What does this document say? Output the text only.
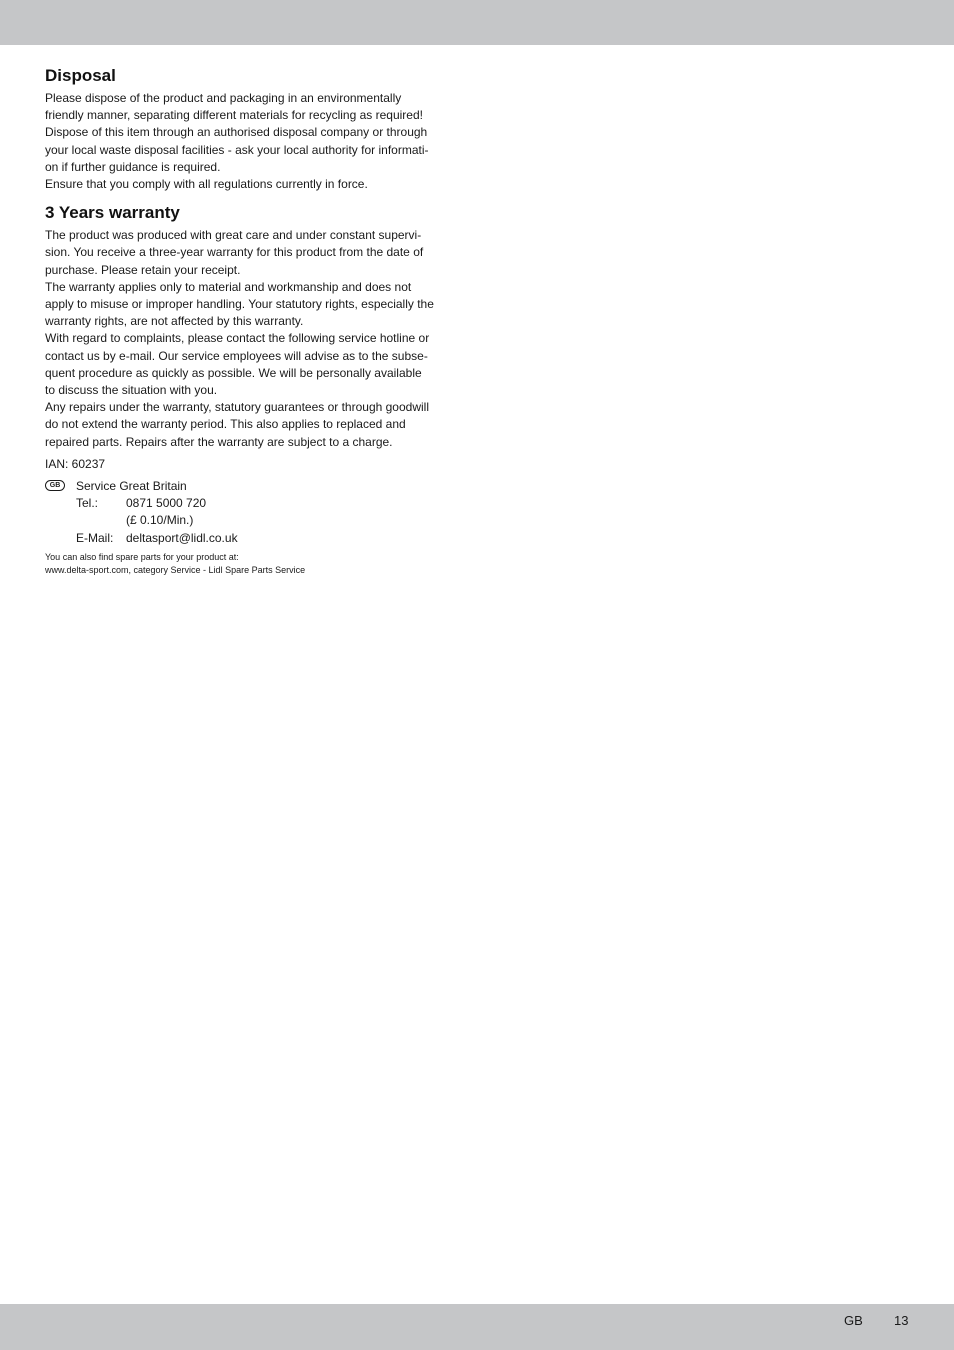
Disposal

Please dispose of the product and packaging in an environmentally

friendly manner, separating different materials for recycling as required!

Dispose of this item through an authorised disposal company or through

your local waste disposal facilities - ask your local authority for informati-

on if further guidance is required.

Ensure that you comply with all regulations currently in force.

3 Years warranty

The product was produced with great care and under constant supervi-

sion. You receive a three-year warranty for this product from the date of

purchase. Please retain your receipt.

The warranty applies only to material and workmanship and does not

apply to misuse or improper handling. Your statutory rights, especially the

warranty rights, are not affected by this warranty.

With regard to complaints, please contact the following service hotline or

contact us by e-mail. Our service employees will advise as to the subse-

quent procedure as quickly as possible. We will be personally available

to discuss the situation with you.

Any repairs under the warranty, statutory guarantees or through goodwill

do not extend the warranty period. This also applies to replaced and

repaired parts. Repairs after the warranty are subject to a charge.

IAN: 60237
GB	Service Great Britain
Tel.:	0871 5000 720
(£ 0.10/Min.)
E-Mail:	deltasport@lidl.co.uk
You can also find spare parts for your product at:
www.delta-sport.com, category Service - Lidl Spare Parts Service
GB 13
